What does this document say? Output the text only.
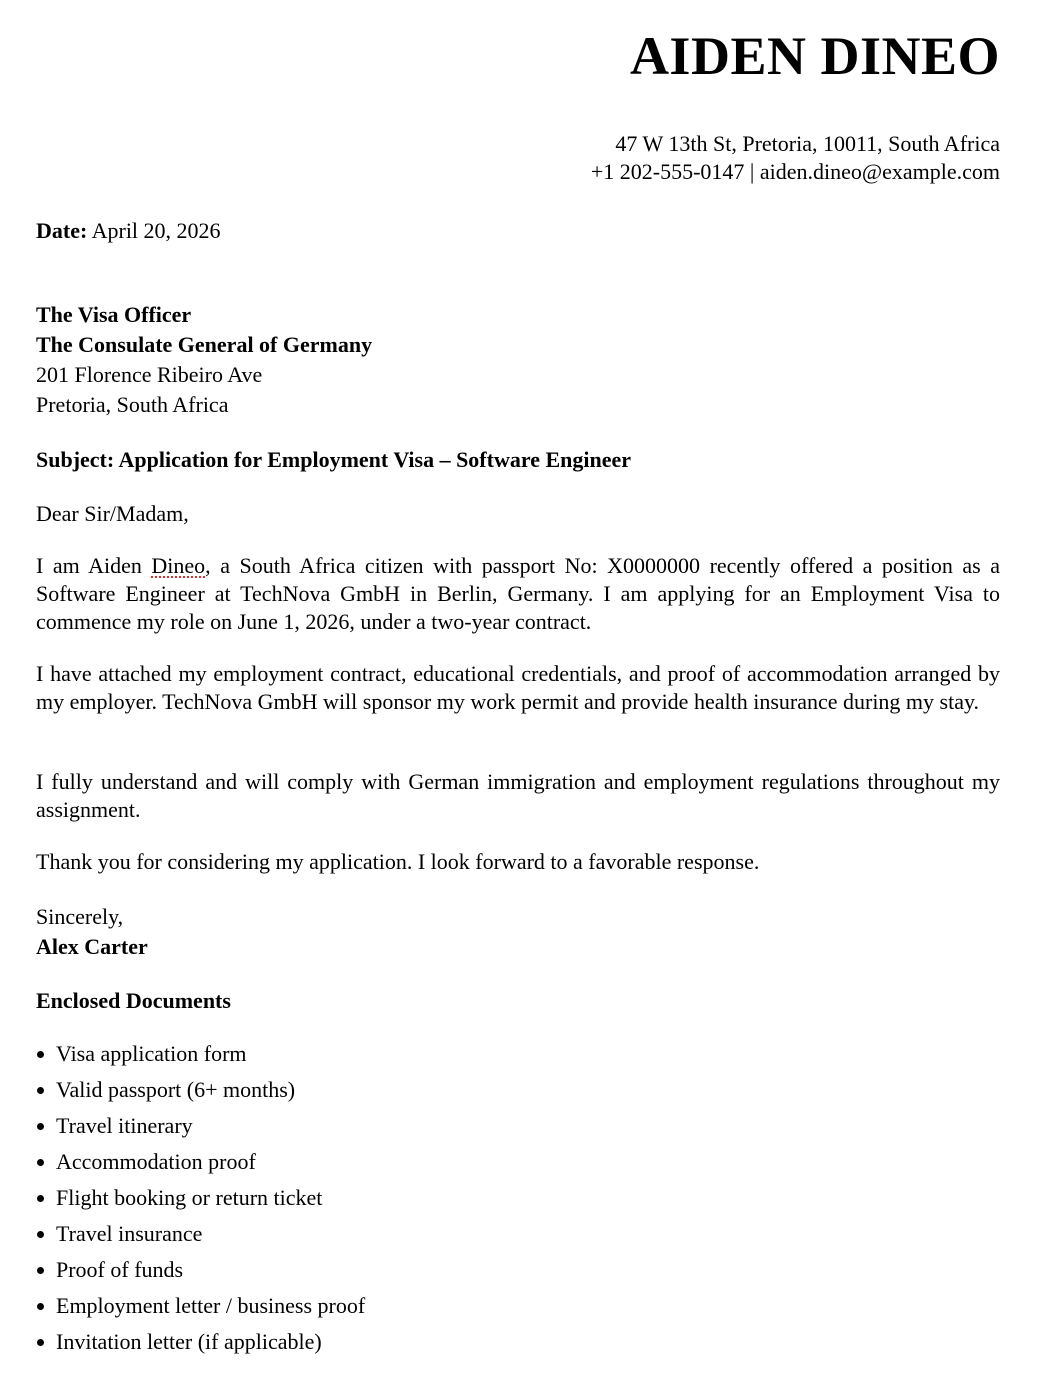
AIDEN DINEO
47 W 13th St, Pretoria, 10011, South Africa
+1 202-555-0147 | aiden.dineo@example.com
Date: April 20, 2026
The Visa Officer
The Consulate General of Germany
201 Florence Ribeiro Ave
Pretoria, South Africa
Subject: Application for Employment Visa – Software Engineer
Dear Sir/Madam,
I am Aiden Dineo, a South Africa citizen with passport No: X0000000 recently offered a position as a Software Engineer at TechNova GmbH in Berlin, Germany. I am applying for an Employment Visa to commence my role on June 1, 2026, under a two-year contract.
I have attached my employment contract, educational credentials, and proof of accommodation arranged by my employer. TechNova GmbH will sponsor my work permit and provide health insurance during my stay.
I fully understand and will comply with German immigration and employment regulations throughout my assignment.
Thank you for considering my application. I look forward to a favorable response.
Sincerely,
Alex Carter
Enclosed Documents
Visa application form
Valid passport (6+ months)
Travel itinerary
Accommodation proof
Flight booking or return ticket
Travel insurance
Proof of funds
Employment letter / business proof
Invitation letter (if applicable)
